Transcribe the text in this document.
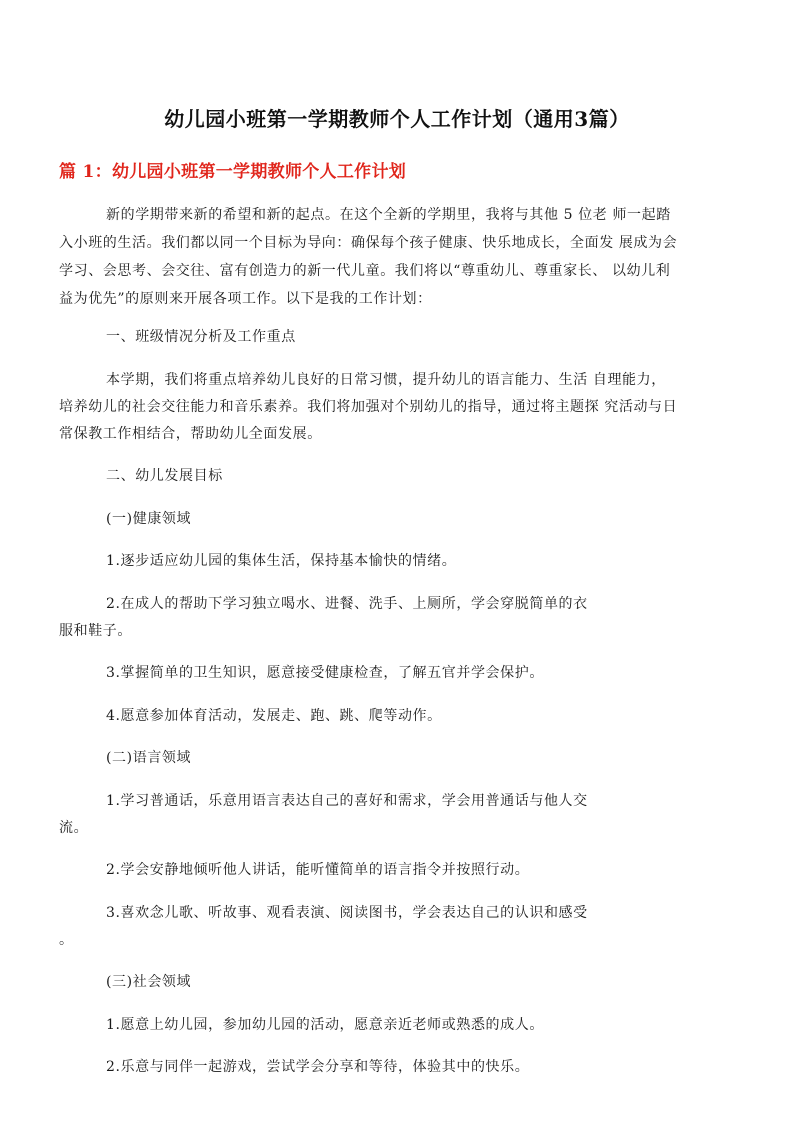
幼儿园小班第一学期教师个人工作计划（通用3篇）
篇 1：幼儿园小班第一学期教师个人工作计划
新的学期带来新的希望和新的起点。在这个全新的学期里，我将与其他 5 位老 师一起踏
入小班的生活。我们都以同一个目标为导向：确保每个孩子健康、快乐地成长，全面发 展成为会
学习、会思考、会交往、富有创造力的新一代儿童。我们将以“尊重幼儿、尊重家长、 以幼儿利
益为优先”的原则来开展各项工作。以下是我的工作计划：
一、班级情况分析及工作重点
本学期，我们将重点培养幼儿良好的日常习惯，提升幼儿的语言能力、生活 自理能力，
培养幼儿的社会交往能力和音乐素养。我们将加强对个别幼儿的指导，通过将主题探 究活动与日
常保教工作相结合，帮助幼儿全面发展。
二、幼儿发展目标
(一)健康领域
1.逐步适应幼儿园的集体生活，保持基本愉快的情绪。
2.在成人的帮助下学习独立喝水、进餐、洗手、上厕所，学会穿脱简单的衣
服和鞋子。
3.掌握简单的卫生知识，愿意接受健康检查，了解五官并学会保护。
4.愿意参加体育活动，发展走、跑、跳、爬等动作。
(二)语言领域
1.学习普通话，乐意用语言表达自己的喜好和需求，学会用普通话与他人交
流。
2.学会安静地倾听他人讲话，能听懂简单的语言指令并按照行动。
3.喜欢念儿歌、听故事、观看表演、阅读图书，学会表达自己的认识和感受
。
(三)社会领域
1.愿意上幼儿园，参加幼儿园的活动，愿意亲近老师或熟悉的成人。
2.乐意与同伴一起游戏，尝试学会分享和等待，体验其中的快乐。
